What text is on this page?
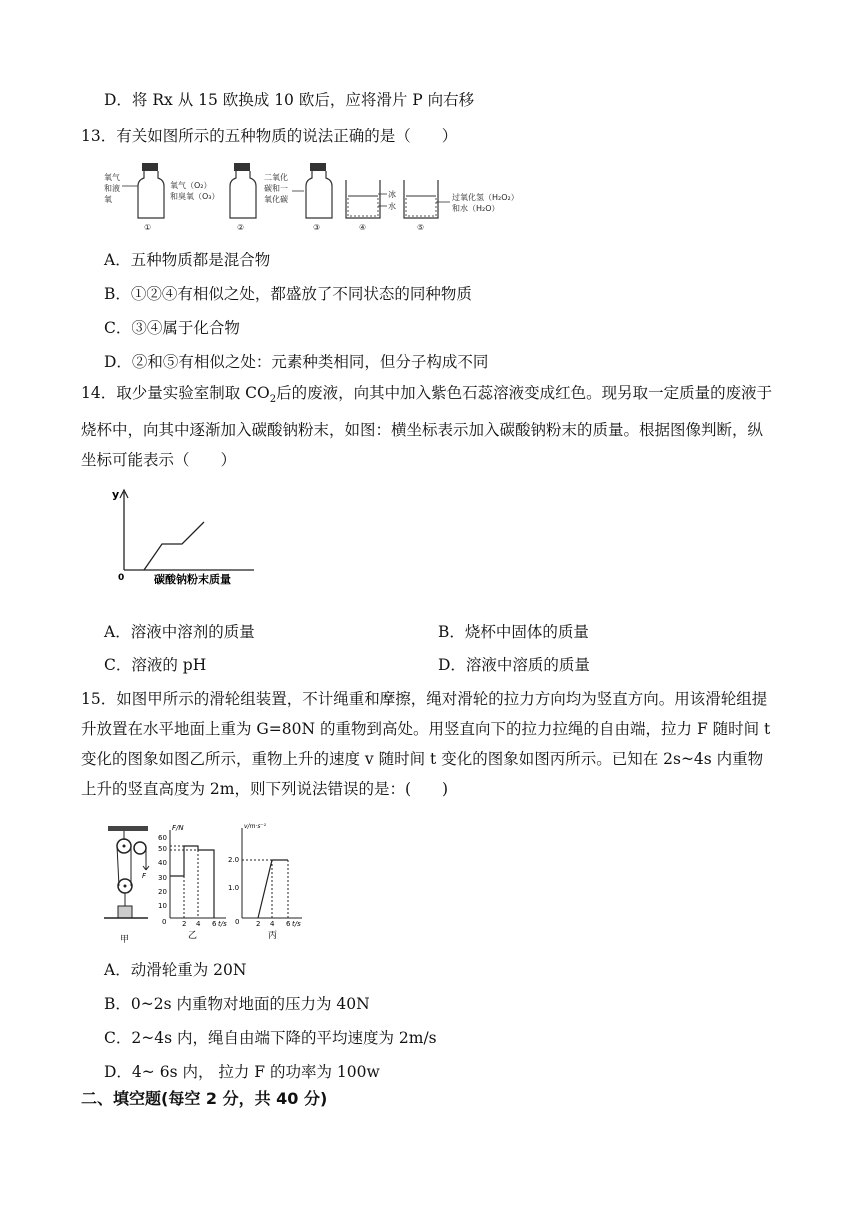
D．将 Rx 从 15 欧换成 10 欧后，应将滑片 P 向右移
13．有关如图所示的五种物质的说法正确的是（　　）
氧气
和液
氧
①
氧气（O₂）
和臭氧（O₃）
②
二氧化
碳和一
氧化碳
③
冰
水
④
过氧化氢（H₂O₂）
和水（H₂O）
⑤
A．五种物质都是混合物
B．①②④有相似之处，都盛放了不同状态的同种物质
C．③④属于化合物
D．②和⑤有相似之处：元素种类相同，但分子构成不同
14．取少量实验室制取 $CO_2$后的废液，向其中加入紫色石蕊溶液变成红色。现另取一定质量的废液于
烧杯中，向其中逐渐加入碳酸钠粉末，如图：横坐标表示加入碳酸钠粉末的质量。根据图像判断，纵
坐标可能表示（　　）
y
0	碳酸钠粉末质量
A．溶液中溶剂的质量	B．烧杯中固体的质量
C．溶液的 pH	D．溶液中溶质的质量
15．如图甲所示的滑轮组装置，不计绳重和摩擦，绳对滑轮的拉力方向均为竖直方向。用该滑轮组提
升放置在水平地面上重为 G=80N 的重物到高处。用竖直向下的拉力拉绳的自由端，拉力 F 随时间 t
变化的图象如图乙所示，重物上升的速度 v 随时间 t 变化的图象如图丙所示。已知在 2s~4s 内重物
上升的竖直高度为 2m，则下列说法错误的是：(　　)
F
甲
F/N
60
50
40
30
20
10
0 2 4 6 t/s
乙
v/m·s⁻¹
2.0
1.0
0 2 4 6 t/s
丙
A．动滑轮重为 20N
B．0~2s 内重物对地面的压力为 40N
C．2~4s 内，绳自由端下降的平均速度为 2m/s
D．4~ 6s 内， 拉力 F 的功率为 100w
二、填空题(每空 2 分，共 40 分)
